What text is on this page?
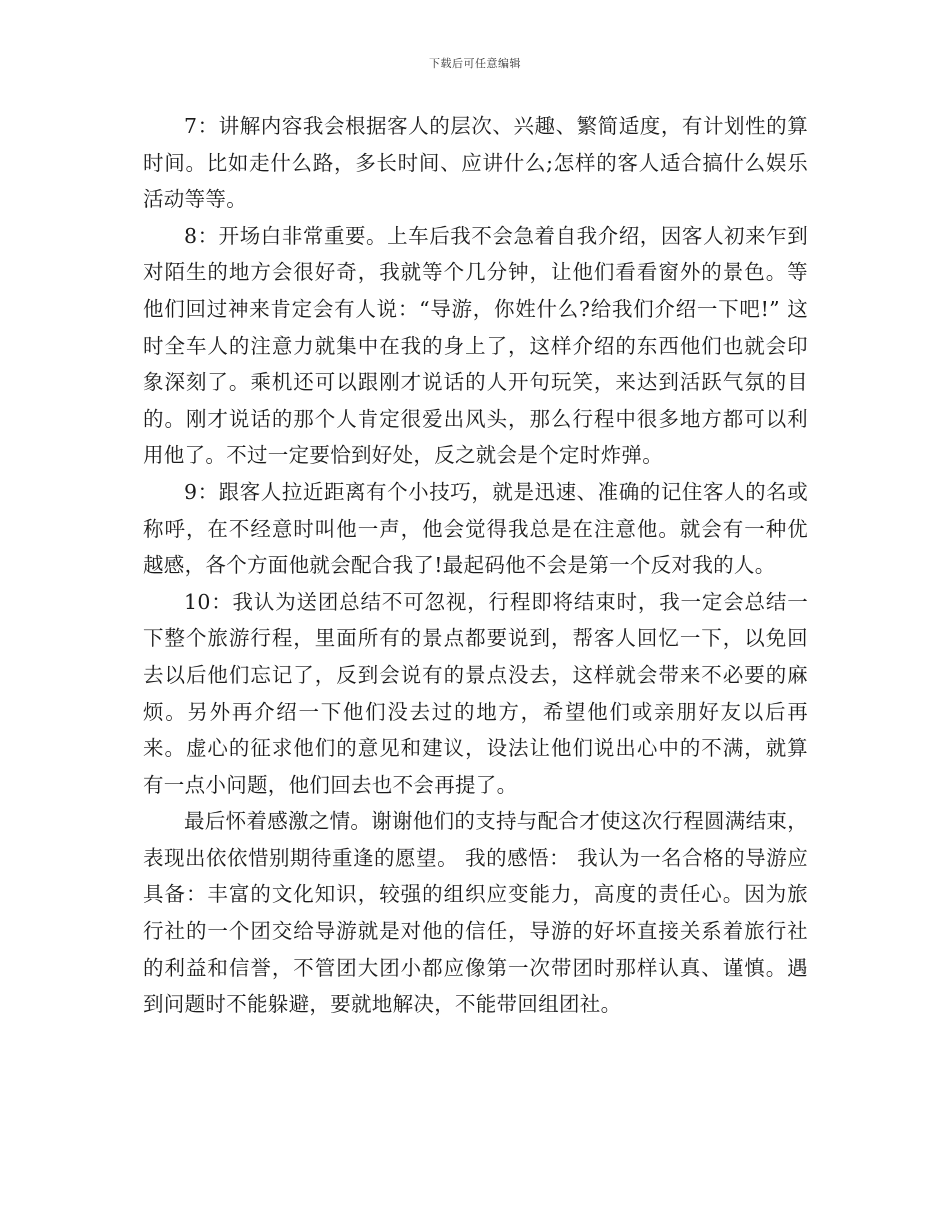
下载后可任意编辑

7：讲解内容我会根据客人的层次、兴趣、繁简适度，有计划性的算时间。比如走什么路，多长时间、应讲什么;怎样的客人适合搞什么娱乐活动等等。

8：开场白非常重要。上车后我不会急着自我介绍，因客人初来乍到对陌生的地方会很好奇，我就等个几分钟，让他们看看窗外的景色。等他们回过神来肯定会有人说：“导游，你姓什么?给我们介绍一下吧!” 这时全车人的注意力就集中在我的身上了，这样介绍的东西他们也就会印象深刻了。乘机还可以跟刚才说话的人开句玩笑，来达到活跃气氛的目的。刚才说话的那个人肯定很爱出风头，那么行程中很多地方都可以利用他了。不过一定要恰到好处，反之就会是个定时炸弹。

9：跟客人拉近距离有个小技巧，就是迅速、准确的记住客人的名或称呼，在不经意时叫他一声，他会觉得我总是在注意他。就会有一种优越感，各个方面他就会配合我了!最起码他不会是第一个反对我的人。

10：我认为送团总结不可忽视，行程即将结束时，我一定会总结一下整个旅游行程，里面所有的景点都要说到，帮客人回忆一下，以免回去以后他们忘记了，反到会说有的景点没去，这样就会带来不必要的麻烦。另外再介绍一下他们没去过的地方，希望他们或亲朋好友以后再来。虚心的征求他们的意见和建议，设法让他们说出心中的不满，就算有一点小问题，他们回去也不会再提了。

最后怀着感激之情。谢谢他们的支持与配合才使这次行程圆满结束，表现出依依惜别期待重逢的愿望。 我的感悟： 我认为一名合格的导游应具备：丰富的文化知识，较强的组织应变能力，高度的责任心。因为旅 行社的一个团交给导游就是对他的信任，导游的好坏直接关系着旅行社的利益和信誉，不管团大团小都应像第一次带团时那样认真、谨慎。遇到问题时不能躲避，要就地解决，不能带回组团社。
